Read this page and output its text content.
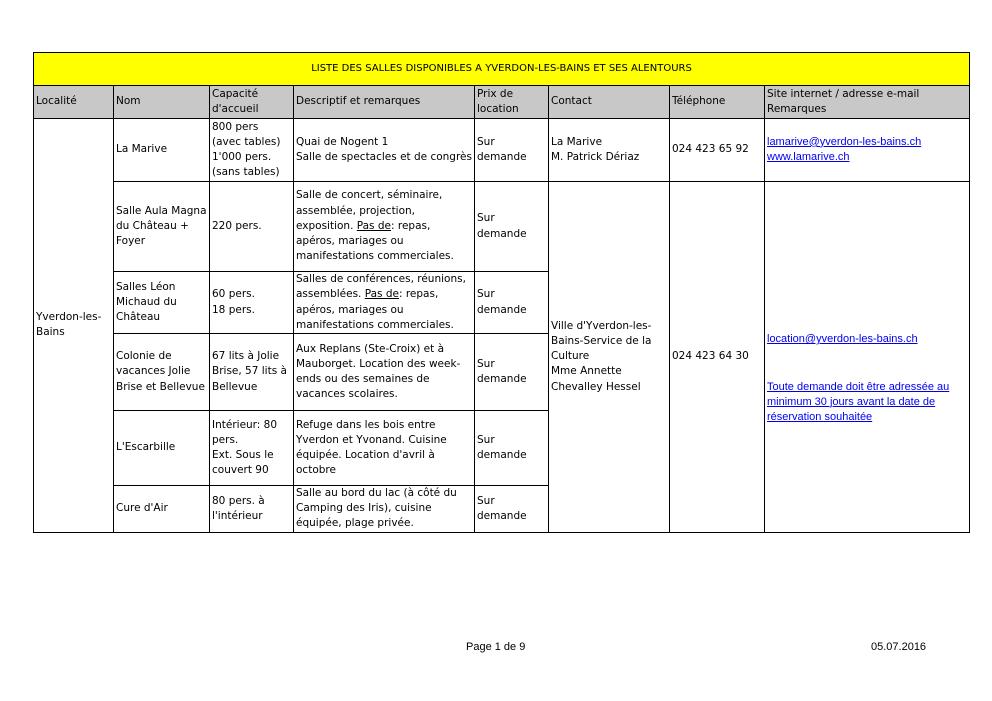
LISTE DES SALLES DISPONIBLES A YVERDON-LES-BAINS ET SES ALENTOURS							
Localité	Nom	Capacité
d'accueil	Descriptif et remarques	Prix de
location	Contact	Téléphone	Site internet / adresse e-mail
Remarques

Yverdon-les-
Bains	La Marive	800 pers
(avec tables)
1'000 pers.
(sans tables)	Quai de Nogent 1
Salle de spectacles et de congrès	Sur demande	La Marive
M. Patrick Dériaz	024 423 65 92	lamarive@yverdon-les-bains.ch
www.lamarive.ch

	Salle Aula Magna
du Château +
Foyer	220 pers.	Salle de concert, séminaire,
assemblée, projection,
exposition. Pas de: repas,
apéros, mariages ou
manifestations commerciales.	Sur demande	Ville d'Yverdon-les-
Bains-Service de la
Culture
Mme Annette
Chevalley Hessel	024 423 64 30	location@yverdon-les-bains.ch
Toute demande doit être adressée au
minimum 30 jours avant la date de
réservation souhaitée

	Salles Léon
Michaud du
Château	60 pers.
18 pers.	Salles de conférences, réunions,
assemblées. Pas de: repas,
apéros, mariages ou
manifestations commerciales.	Sur demande			

	Colonie de
vacances Jolie
Brise et Bellevue	67 lits à Jolie
Brise, 57 lits à
Bellevue	Aux Replans (Ste-Croix) et à
Mauborget. Location des week-
ends ou des semaines de
vacances scolaires.	Sur demande			
	L'Escarbille	Intérieur: 80
pers.
Ext. Sous le
couvert 90	Refuge dans les bois entre
Yverdon et Yvonand. Cuisine
équipée. Location d'avril à
octobre	Sur demande			
	Cure d'Air	80 pers. à
l'intérieur	Salle au bord du lac (à côté du
Camping des Iris), cuisine
équipée, plage privée.	Sur demande			
Page 1 de 9	05.07.2016
